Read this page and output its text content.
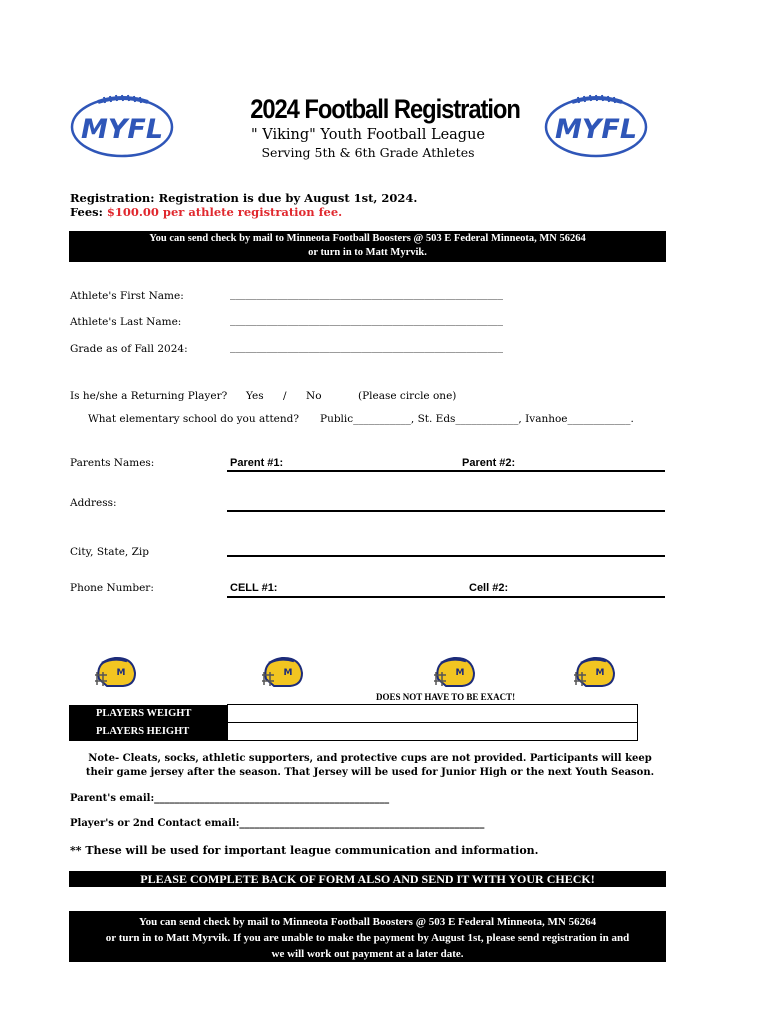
MYFL	MYFL
2024 Football Registration
" Viking" Youth Football League
Serving 5th & 6th Grade Athletes
Registration: Registration is due by August 1st, 2024.
Fees: $100.00 per athlete registration fee.
You can send check by mail to Minneota Football Boosters @ 503 E Federal Minneota, MN 56264
or turn in to Matt Myrvik.
Athlete's First Name:	____________________________________________________
Athlete's Last Name:	____________________________________________________
Grade as of Fall 2024:	____________________________________________________
Is he/she a Returning Player? Yes / No	(Please circle one)
What elementary school do you attend? Public___________, St. Eds____________, Ivanhoe____________.
Parents Names:	Parent #1:	Parent #2:
Address:
City, State, Zip
Phone Number:	CELL #1:	Cell #2:
M	M	M	M
DOES NOT HAVE TO BE EXACT!
PLAYERS WEIGHT	
PLAYERS HEIGHT	
Note- Cleats, socks, athletic supporters, and protective cups are not provided. Participants will keep
their game jersey after the season. That Jersey will be used for Junior High or the next Youth Season.
Parent's email:_______________________________________________
Player's or 2nd Contact email:_________________________________________________
** These will be used for important league communication and information.
PLEASE COMPLETE BACK OF FORM ALSO AND SEND IT WITH YOUR CHECK!
You can send check by mail to Minneota Football Boosters @ 503 E Federal Minneota, MN 56264
or turn in to Matt Myrvik. If you are unable to make the payment by August 1st, please send registration in and
we will work out payment at a later date.
